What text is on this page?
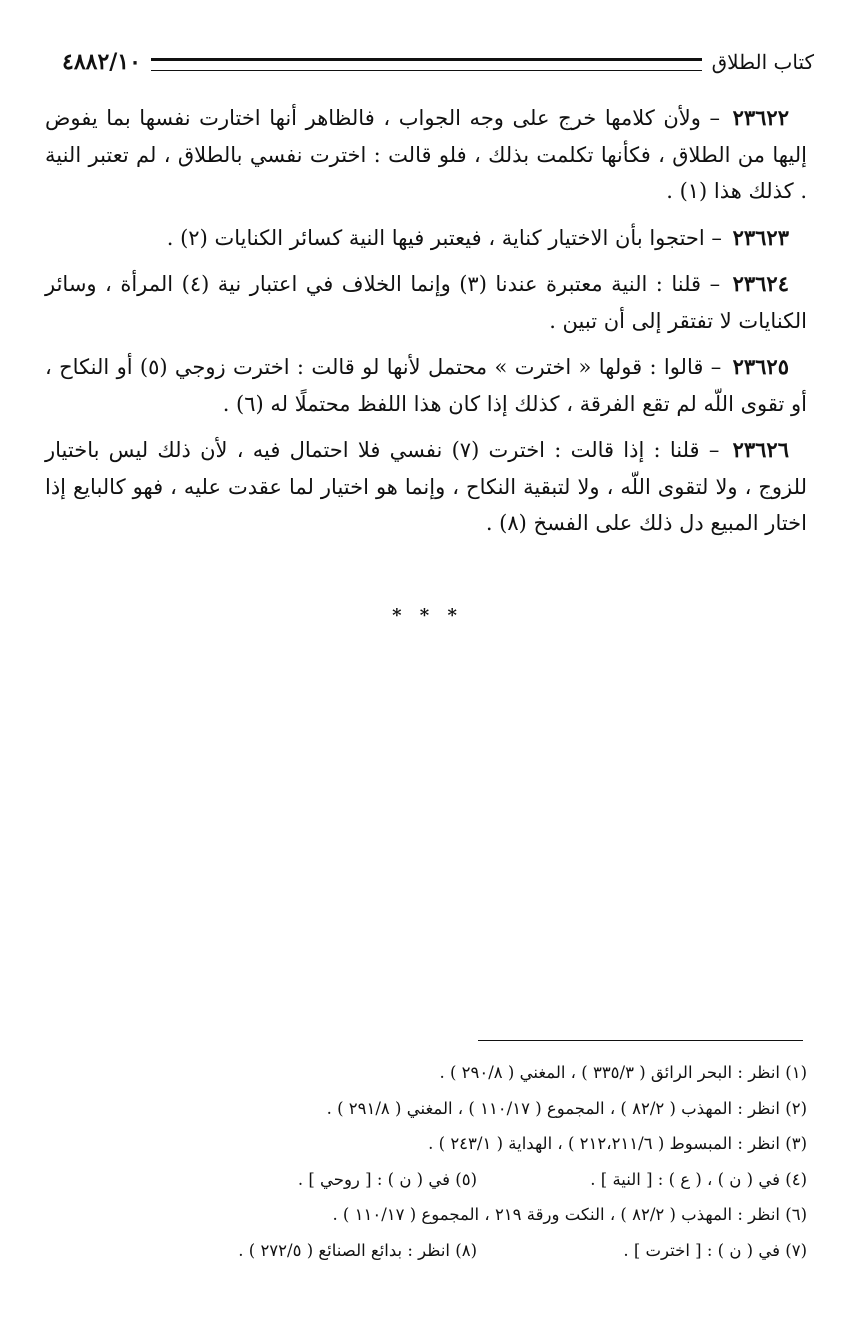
٤٨٨٢/١٠	كتاب الطلاق

٢٣٦٢٢ – ولأن كلامها خرج على وجه الجواب ، فالظاهر أنها اختارت نفسها بما يفوض إليها من الطلاق ، فكأنها تكلمت بذلك ، فلو قالت : اخترت نفسي بالطلاق ، لم تعتبر النية . كذلك هذا (١) .

٢٣٦٢٣ – احتجوا بأن الاختيار كناية ، فيعتبر فيها النية كسائر الكنايات (٢) .

٢٣٦٢٤ – قلنا : النية معتبرة عندنا (٣) وإنما الخلاف في اعتبار نية (٤) المرأة ، وسائر الكنايات لا تفتقر إلى أن تبين .

٢٣٦٢٥ – قالوا : قولها « اخترت » محتمل لأنها لو قالت : اخترت زوجي (٥) أو النكاح ، أو تقوى اللّه لم تقع الفرقة ، كذلك إذا كان هذا اللفظ محتملًا له (٦) .

٢٣٦٢٦ – قلنا : إذا قالت : اخترت (٧) نفسي فلا احتمال فيه ، لأن ذلك ليس باختيار للزوج ، ولا لتقوى اللّه ، ولا لتبقية النكاح ، وإنما هو اختيار لما عقدت عليه ، فهو كالبايع إذا اختار المبيع دل ذلك على الفسخ (٨) .

* * *
(١) انظر : البحر الرائق ( ٣٣٥/٣ ) ، المغني ( ٢٩٠/٨ ) .
(٢) انظر : المهذب ( ٨٢/٢ ) ، المجموع ( ١١٠/١٧ ) ، المغني ( ٢٩١/٨ ) .
(٣) انظر : المبسوط ( ٢١٢،٢١١/٦ ) ، الهداية ( ٢٤٣/١ ) .
(٤) في ( ن ) ، ( ع ) : [ النية ] .
(٥) في ( ن ) : [ روحي ] .
(٦) انظر : المهذب ( ٨٢/٢ ) ، النكت ورقة ٢١٩ ، المجموع ( ١١٠/١٧ ) .
(٧) في ( ن ) : [ اخترت ] .
(٨) انظر : بدائع الصنائع ( ٢٧٢/٥ ) .
